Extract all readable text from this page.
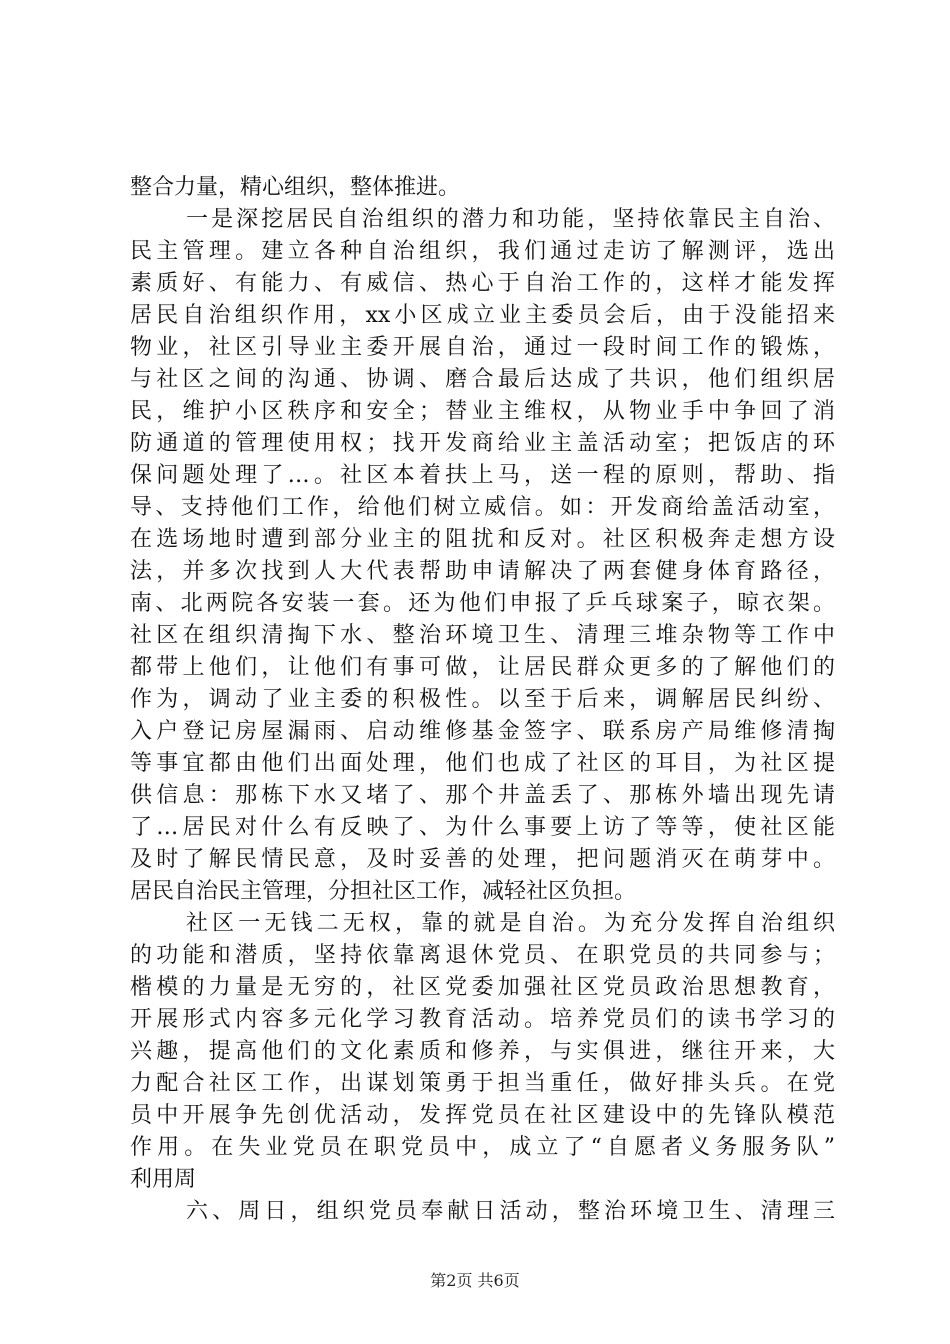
整合力量，精心组织，整体推进。
一是深挖居民自治组织的潜力和功能，坚持依靠民主自治、
民主管理。建立各种自治组织，我们通过走访了解测评，选出
素质好、有能力、有威信、热心于自治工作的，这样才能发挥
居民自治组织作用，xx小区成立业主委员会后，由于没能招来
物业，社区引导业主委开展自治，通过一段时间工作的锻炼，
与社区之间的沟通、协调、磨合最后达成了共识，他们组织居
民，维护小区秩序和安全；替业主维权，从物业手中争回了消
防通道的管理使用权；找开发商给业主盖活动室；把饭店的环
保问题处理了…。社区本着扶上马，送一程的原则，帮助、指
导、支持他们工作，给他们树立威信。如：开发商给盖活动室，
在选场地时遭到部分业主的阻扰和反对。社区积极奔走想方设
法，并多次找到人大代表帮助申请解决了两套健身体育路径，
南、北两院各安装一套。还为他们申报了乒乓球案子，晾衣架。
社区在组织清掏下水、整治环境卫生、清理三堆杂物等工作中
都带上他们，让他们有事可做，让居民群众更多的了解他们的
作为，调动了业主委的积极性。以至于后来，调解居民纠纷、
入户登记房屋漏雨、启动维修基金签字、联系房产局维修清掏
等事宜都由他们出面处理，他们也成了社区的耳目，为社区提
供信息：那栋下水又堵了、那个井盖丢了、那栋外墙出现先请
了…居民对什么有反映了、为什么事要上访了等等，使社区能
及时了解民情民意，及时妥善的处理，把问题消灭在萌芽中。
居民自治民主管理，分担社区工作，减轻社区负担。
社区一无钱二无权，靠的就是自治。为充分发挥自治组织
的功能和潜质，坚持依靠离退休党员、在职党员的共同参与；
楷模的力量是无穷的，社区党委加强社区党员政治思想教育，
开展形式内容多元化学习教育活动。培养党员们的读书学习的
兴趣，提高他们的文化素质和修养，与实俱进，继往开来，大
力配合社区工作，出谋划策勇于担当重任，做好排头兵。在党
员中开展争先创优活动，发挥党员在社区建设中的先锋队模范
作用。在失业党员在职党员中，成立了“自愿者义务服务队”
利用周
六、周日，组织党员奉献日活动，整治环境卫生、清理三
第2页 共6页
